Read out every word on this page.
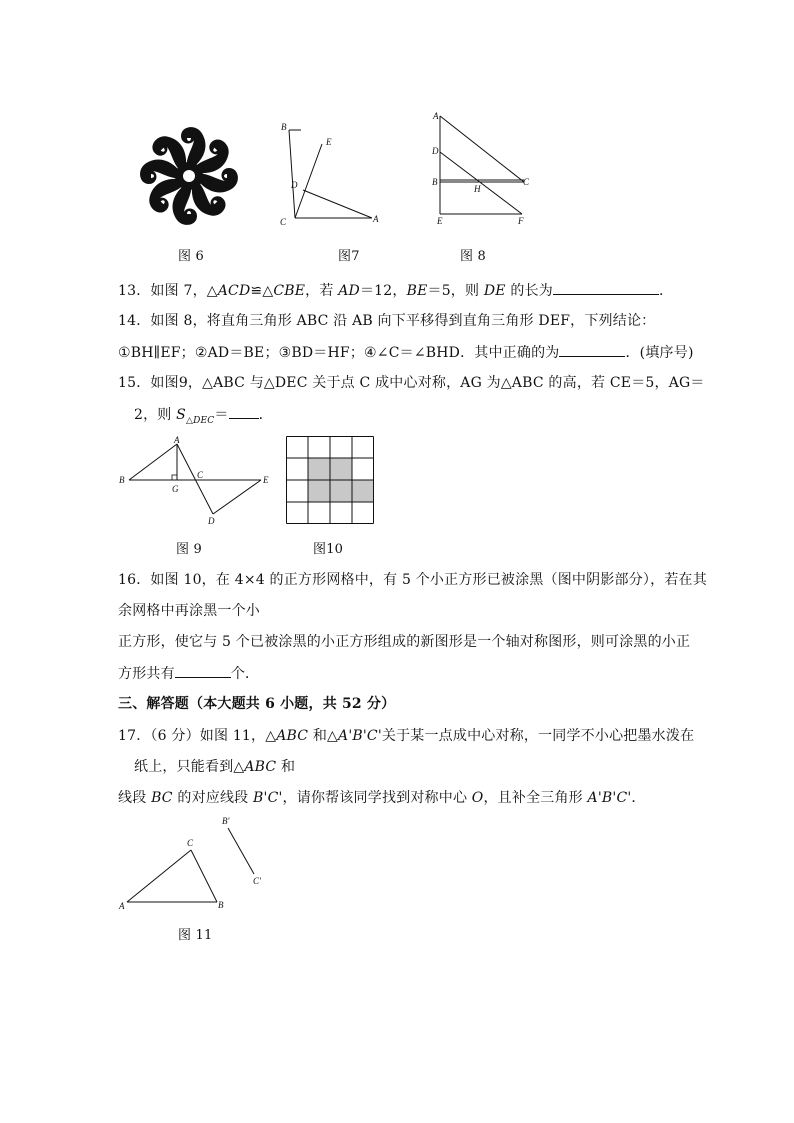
图 6
B
E
D
C	A
图7
A
D
B
H
C
E	F
图 8
13．如图 7，△ACD≌△CBE，若 AD＝12，BE＝5，则 DE 的长为	．
14．如图 8，将直角三角形 ABC 沿 AB 向下平移得到直角三角形 DEF，下列结论：
①BH∥EF；②AD＝BE；③BD＝HF；④∠C＝∠BHD．其中正确的为	．(填序号)
15．如图9，△ABC 与△DEC 关于点 C 成中心对称，AG 为△ABC 的高，若 CE＝5，AG＝
2，则 $S_{\triangle DEC}=$ ．
A
B
G
C	E
D
图 9	图10
16．如图 10，在 4×4 的正方形网格中，有 5 个小正方形已被涂黑（图中阴影部分），若在其
余网格中再涂黑一个小
正方形，使它与 5 个已被涂黑的小正方形组成的新图形是一个轴对称图形，则可涂黑的小正
方形共有	个．
三、解答题（本大题共 6 小题，共 52 分）
17．（6 分）如图 11，△ABC 和△A'B'C'关于某一点成中心对称，一同学不小心把墨水泼在
纸上，只能看到△ABC 和
线段 BC 的对应线段 B'C'，请你帮该同学找到对称中心 O，且补全三角形 A'B'C'．
C
A	B
B'
C'
图 11
